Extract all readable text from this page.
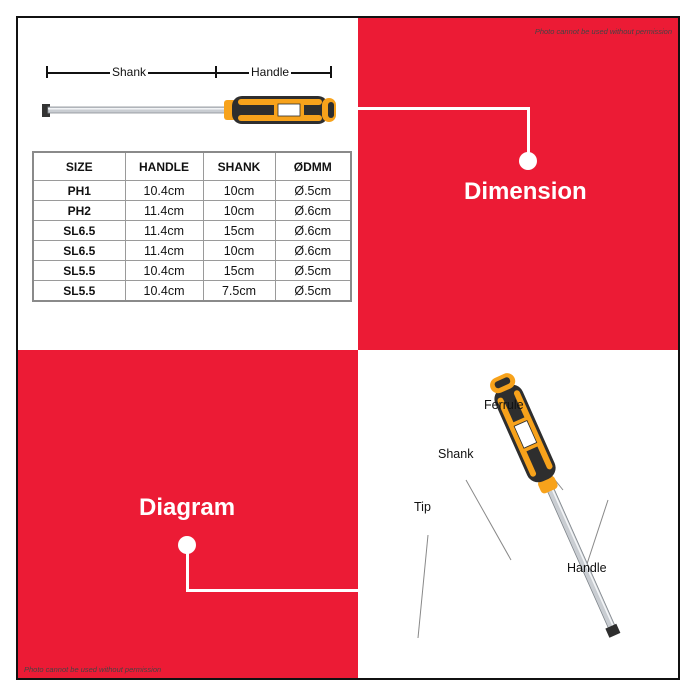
Photo cannot be used without permission
Photo cannot be used without permission
Shank	Handle
SIZE	HANDLE	SHANK	ØDMM
PH1	10.4cm	10cm	Ø.5cm
PH2	11.4cm	10cm	Ø.6cm
SL6.5	11.4cm	15cm	Ø.6cm
SL6.5	11.4cm	10cm	Ø.6cm
SL5.5	10.4cm	15cm	Ø.5cm
SL5.5	10.4cm	7.5cm	Ø.5cm
Dimension
Diagram
Ferrule
Shank
Tip
Handle
